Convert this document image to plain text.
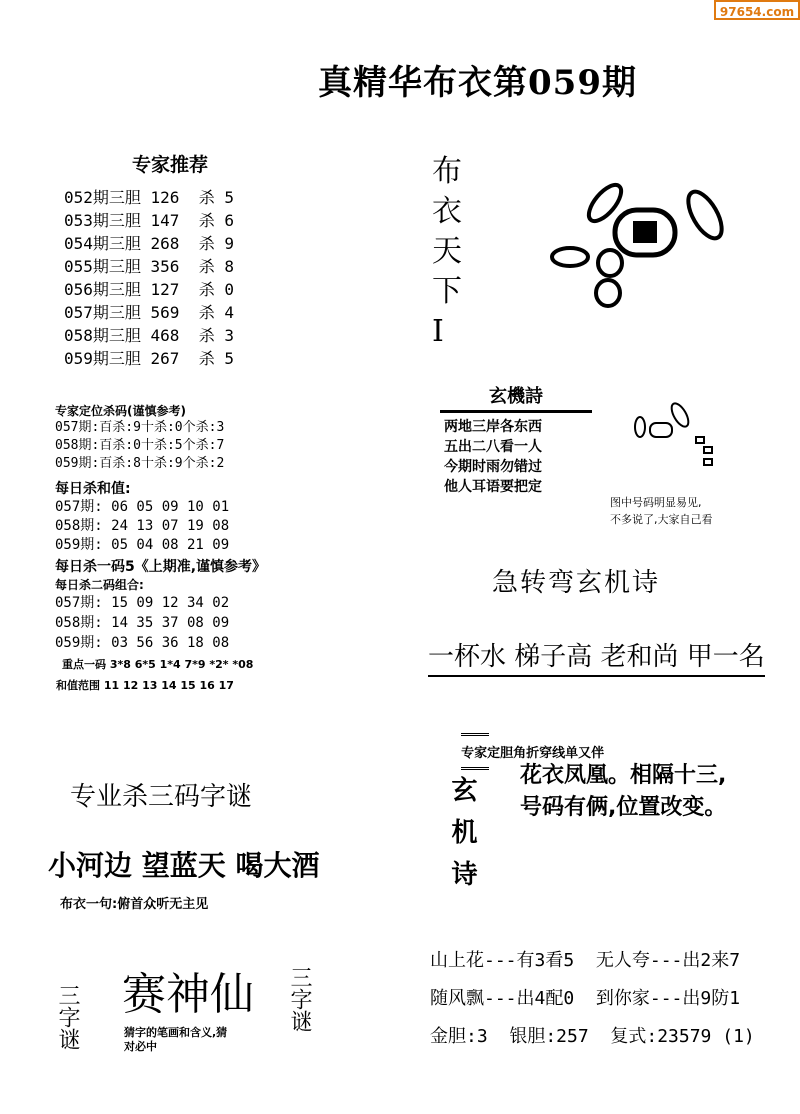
97654.com
真精华布衣第059期
专家推荐
052期三胆 126  杀 5
053期三胆 147  杀 6
054期三胆 268  杀 9
055期三胆 356  杀 8
056期三胆 127  杀 0
057期三胆 569  杀 4
058期三胆 468  杀 3
059期三胆 267  杀 5
专家定位杀码(谨慎参考)
057期:百杀:9十杀:0个杀:3
058期:百杀:0十杀:5个杀:7
059期:百杀:8十杀:9个杀:2
每日杀和值:
057期: 06 05 09 10 01
058期: 24 13 07 19 08
059期: 05 04 08 21 09
每日杀一码5《上期准,谨慎参考》
每日杀二码组合:
057期: 15 09 12 34 02
058期: 14 35 37 08 09
059期: 03 56 36 18 08
重点一码 3*8 6*5 1*4 7*9 *2* *08
和值范围 11 12 13 14 15 16 17
布衣天下I
玄機詩
两地三岸各东西
五出二八看一人
今期时雨勿错过
他人耳语要把定
图中号码明显易见,
不多说了,大家自己看
急转弯玄机诗
一杯水 梯子高 老和尚 甲一名

专家定胆角折穿线单又伴

玄机诗
花衣凤凰。相隔十三,
号码有俩,位置改变。
专业杀三码字谜
小河边 望蓝天 喝大酒
布衣一句:俯首众听无主见
三字谜 赛神仙
猜字的笔画和含义,猜
对必中
三字谜
山上花---有3看5  无人夸---出2来7
随风飘---出4配0  到你家---出9防1
金胆:3  银胆:257  复式:23579 (1)
